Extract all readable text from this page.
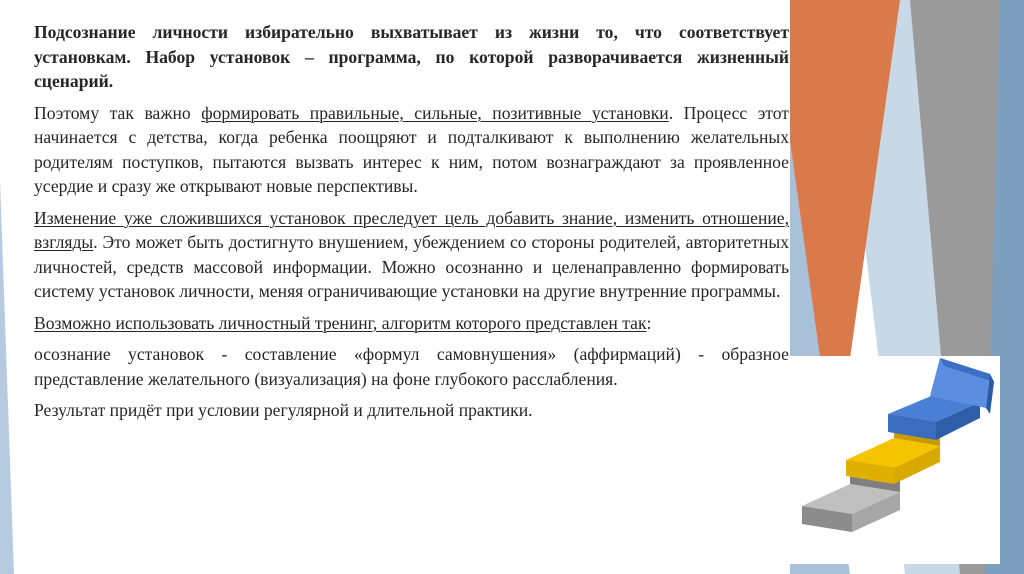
Подсознание личности избирательно выхватывает из жизни то, что соответствует установкам. Набор установок – программа, по которой разворачивается жизненный сценарий.

Поэтому так важно формировать правильные, сильные, позитивные установки. Процесс этот начинается с детства, когда ребенка поощряют и подталкивают к выполнению желательных родителям поступков, пытаются вызвать интерес к ним, потом вознаграждают за проявленное усердие и сразу же открывают новые перспективы.

Изменение уже сложившихся установок преследует цель добавить знание, изменить отношение, взгляды. Это может быть достигнуто внушением, убеждением со стороны родителей, авторитетных личностей, средств массовой информации. Можно осознанно и целенаправленно формировать систему установок личности, меняя ограничивающие установки на другие внутренние программы.

Возможно использовать личностный тренинг, алгоритм которого представлен так:

осознание установок - составление «формул самовнушения» (аффирмаций) - образное представление желательного (визуализация) на фоне глубокого расслабления.

Результат придёт при условии регулярной и длительной практики.
